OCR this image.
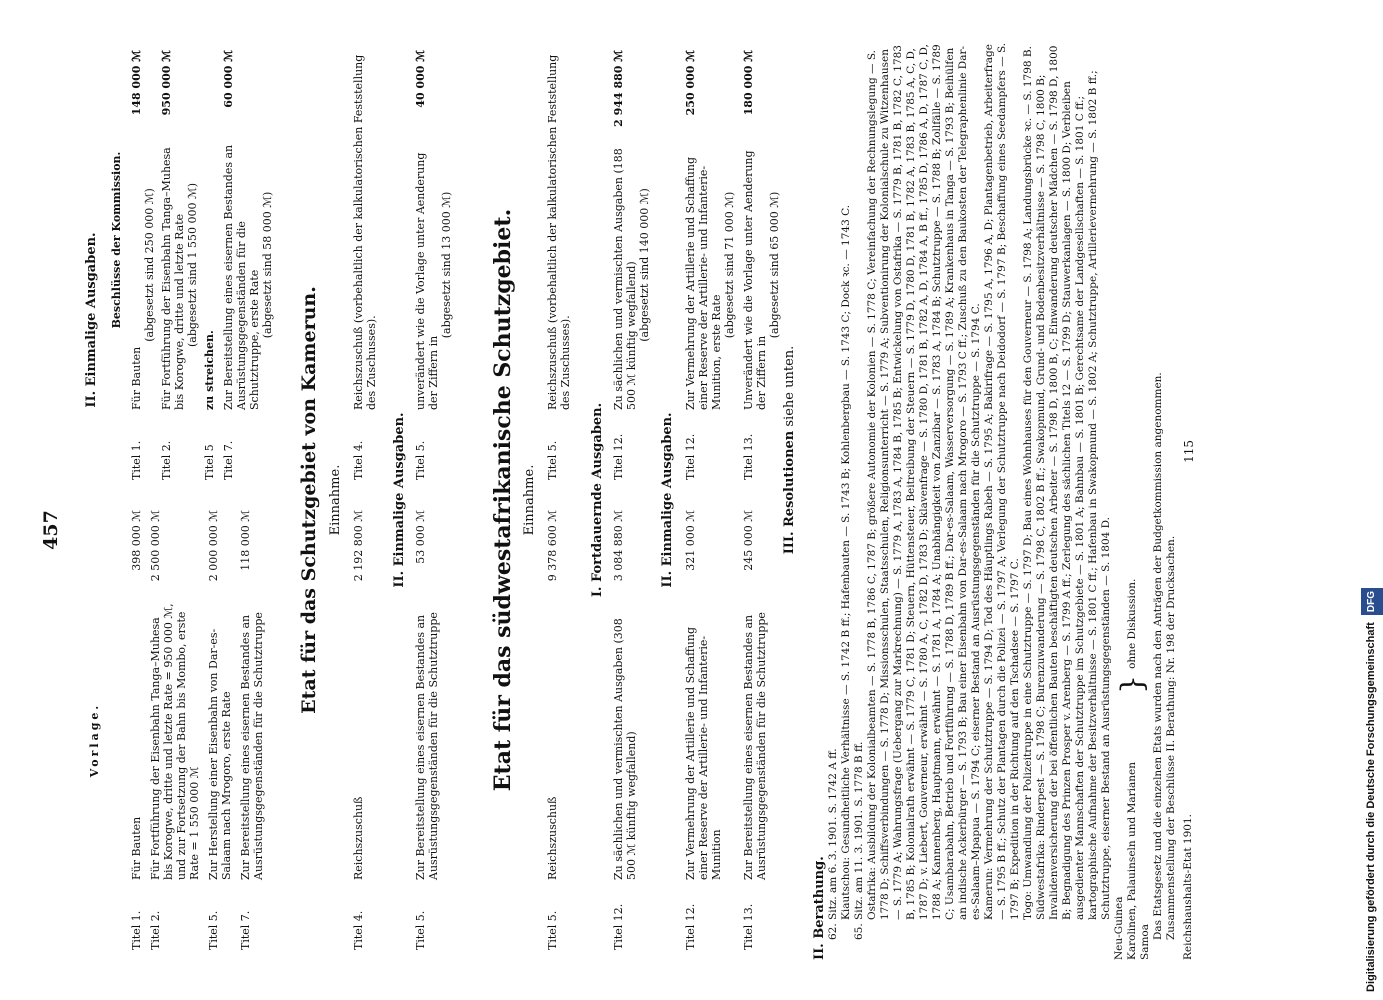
457
Vorlage.
II. Einmalige Ausgaben. Beschlüsse der Kommission.
Titel 1.
Für Bauten
398 000 ℳ
Titel 2.
Für Fortführung der Eisenbahn Tanga–Muhesa bis Korogwe, dritte und letzte Rate = 950 000 ℳ, und zur Fortsetzung der Bahn bis Mombo, erste Rate = 1 550 000 ℳ
2 500 000 ℳ
Titel 5.
Zur Herstellung einer Eisenbahn von Dar-es-Salaam nach Mrogoro, erste Rate
2 000 000 ℳ
Titel 7.
Zur Bereitstellung eines eisernen Bestandes an Ausrüstungsgegenständen für die Schutztruppe
118 000 ℳ
Titel 1.
Für Bauten
148 000 ℳ
(abgesetzt sind 250 000 ℳ)
Titel 2.
Für Fortführung der Eisenbahn Tanga–Muhesa bis Korogwe, dritte und letzte Rate
950 000 ℳ
(abgesetzt sind 1 550 000 ℳ)
Titel 5
zu streichen.
Titel 7.
Zur Bereitstellung eines eisernen Bestandes an Ausrüstungsgegenständen für die Schutztruppe, erste Rate
60 000 ℳ
(abgesetzt sind 58 000 ℳ)
Etat für das Schutzgebiet von Kamerun. Einnahme.
Titel 4.
Reichszuschuß
2 192 800 ℳ
Titel 4.
Reichszuschuß (vorbehaltlich der kalkulatorischen Feststellung des Zuschusses).
II. Einmalige Ausgaben.
Titel 5.
Zur Bereitstellung eines eisernen Bestandes an Ausrüstungsgegenständen für die Schutztruppe
53 000 ℳ
Titel 5.
unverändert wie die Vorlage unter Aenderung der Ziffern in
40 000 ℳ
(abgesetzt sind 13 000 ℳ) Etat für das südwestafrikanische Schutzgebiet. Einnahme.
Titel 5.
Reichszuschuß
9 378 600 ℳ
Titel 5.
Reichszuschuß (vorbehaltlich der kalkulatorischen Feststellung des Zuschusses).
I. Fortdauernde Ausgaben.
Titel 12.
Zu sächlichen und vermischten Ausgaben (308 500 ℳ künftig wegfallend)
3 084 880 ℳ
Titel 12.
Zu sächlichen und vermischten Ausgaben (188 500 ℳ künftig wegfallend)
2 944 880 ℳ
(abgesetzt sind 140 000 ℳ)
II. Einmalige Ausgaben.
Titel 12.
Zur Vermehrung der Artillerie und Schaffung einer Reserve der Artillerie- und Infanterie-Munition
321 000 ℳ
Titel 12.
Zur Vermehrung der Artillerie und Schaffung einer Reserve der Artillerie- und Infanterie-Munition, erste Rate
250 000 ℳ
(abgesetzt sind 71 000 ℳ)
Titel 13.
Zur Bereitstellung eines eisernen Bestandes an Ausrüstungsgegenständen für die Schutztruppe
245 000 ℳ
Titel 13.
Unverändert wie die Vorlage unter Aenderung der Ziffern in
180 000 ℳ
(abgesetzt sind 65 000 ℳ)
III. Resolutionen siehe unten.
II. Berathung. 62. Sitz. am 6. 3. 1901. S. 1742 A ff. Kiautschou: Gesundheitliche Verhältnisse — S. 1742 B ff.; Hafenbauten — S. 1743 B; Kohlenbergbau — S. 1743 C; Dock ꝛc. — 1743 C. 65. Sitz. am 11. 3. 1901. S. 1778 B ff. Ostafrika: Ausbildung der Kolonialbeamten — S. 1778 B, 1786 C, 1787 B; größere Autonomie der Kolonien — S. 1778 C; Vereinfachung der Rechnungslegung — S. 1778 D; Schiffsverbindungen — S. 1778 D; Missionsschulen, Staatsschulen, Religionsunterricht — S. 1779 A; Subventionirung der Kolonialschule zu Witzenhausen — S. 1779 A; Wahrungsfrage (Uebergang zur Markrechnung) — S. 1779 A, 1783 A, 1784 B, 1785 B; Entwickelung von Ostafrika — S. 1779 B, 1781 B, 1782 C, 1783 B, 1785 B; Kolonialrath erwähnt — S. 1779 C, 1781 D; Steuern, Hüttensteuer, Beitreibung der Steuern — S. 1779 D, 1780 D, 1781 B, 1782 A, 1783 B, 1785 A, C, D, 1787 D; v. Liebert, Gouverneur, erwähnt — S. 1780 A, C, 1782 D, 1783 D; Sklavenfrage — S. 1780 D, 1781 B, 1782 A, D, 1784 A, B ff., 1785 D, 1786 A, D, 1787 C, D, 1788 A; Kannenberg, Hauptmann, erwähnt — S. 1781 A, 1784 A; Unabhängigkeit von Zanzibar — S. 1783 A, 1784 B; Schutztruppe — S. 1788 B; Zollfälle — S. 1789 C; Usambarabahn, Betrieb und Fortführung — S. 1788 D, 1789 B ff.; Dar-es-Salaam, Wasserversorgung — S. 1789 A; Krankenhaus in Tanga — S. 1793 B; Beihülfen an indische Ackerbürger — S. 1793 B; Bau einer Eisenbahn von Dar-es-Salaam nach Mrogoro — S. 1793 C ff.; Zuschuß zu den Baukosten der Telegraphenlinie Dar-es-Salaam–Mpapua — S. 1794 C; eiserner Bestand an Ausrüstungsgegenständen für die Schutztruppe — S. 1794 C. Kamerun: Vermehrung der Schutztruppe — S. 1794 D; Tod des Häuptlings Rabeh — S. 1795 A; Bakirifrage — S. 1795 A, 1796 A, D; Plantagenbetrieb, Arbeiterfrage — S. 1795 B ff.; Schutz der Plantagen durch die Polizei — S. 1797 A; Verlegung der Schutztruppe nach Deidodorf — S. 1797 B; Beschaffung eines Seedampfers — S. 1797 B; Expedition in der Richtung auf den Tschadsee — S. 1797 C. Togo: Umwandlung der Polizeitruppe in eine Schutztruppe — S. 1797 D; Bau eines Wohnhauses für den Gouverneur — S. 1798 A; Landungsbrücke ꝛc. — S. 1798 B. Südwestafrika: Rinderpest — S. 1798 C; Burenzuwanderung — S. 1798 C, 1802 B ff.; Swakopmund, Grund- und Bodenbesitzverhältnisse — S. 1798 C, 1800 B; Invalidenversicherung der bei öffentlichen Bauten beschäftigten deutschen Arbeiter — S. 1798 D, 1800 B, C; Einwanderung deutscher Mädchen — S. 1798 D, 1800 B; Begnadigung des Prinzen Prosper v. Arenberg — S. 1799 A ff.; Zerlegung des sächlichen Titels 12 — S. 1799 D; Stauwerkanlagen — S. 1800 D; Verbleiben ausgedienter Mannschaften der Schutztruppe im Schutzgebiete — S. 1801 A; Bahnbau — S. 1801 B; Gerechtsame der Landgesellschaften — S. 1801 C ff.; kartographische Aufnahme der Besitzverhältnisse — S. 1801 C ff.; Hafenbau in Swakopmund — S. 1802 A; Schutztruppe, Artillerievermehrung — S. 1802 B ff.; Schutztruppe, eiserner Bestand an Ausrüstungsgegenständen — S. 1804 D.
Neu-Guinea Karolinen, Palauinseln und Marianen Samoa
}
ohne Diskussion. Das Etatsgesetz und die einzelnen Etats wurden nach den Anträgen der Budgetkommission angenommen. Zusammenstellung der Beschlüsse II. Berathung: Nr. 198 der Drucksachen. Reichshaushalts-Etat 1901.
115
Digitalisierung gefördert durch die Deutsche Forschungsgemeinschaft DFG
